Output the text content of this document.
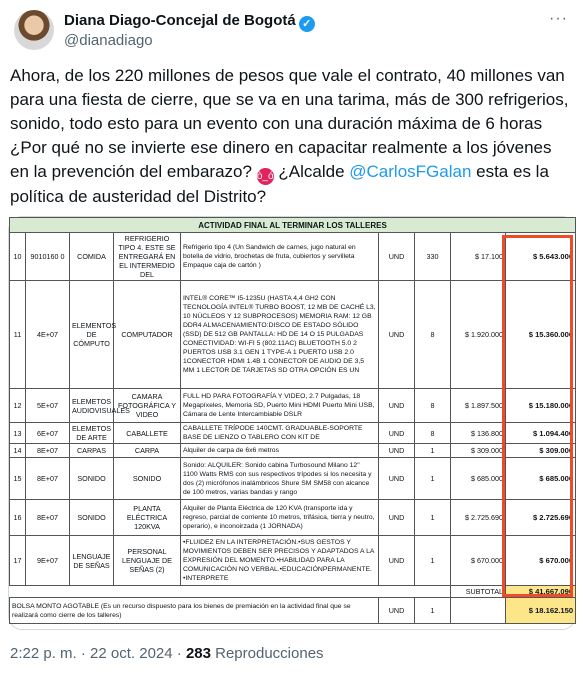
Diana Diago-Concejal de Bogotá ✓
@dianadiago
···
Ahora, de los 220 millones de pesos que vale el contrato, 40 millones van para una fiesta de cierre, que se va en una tarima, más de 300 refrigerios, sonido, todo esto para un evento con una duración máxima de 6 horas ¿Por qué no se invierte ese dinero en capacitar realmente a los jóvenes en la prevención del embarazo? ò_ó ¿Alcalde @CarlosFGalan esta es la política de austeridad del Distrito?
ACTIVIDAD FINAL AL TERMINAR LOS TALLERES								
10	9010160 0	COMIDA	REFRIGERIO TIPO 4. ESTE SE ENTREGARÁ EN EL INTERMEDIO DEL	Refrigerio tipo 4 (Un Sandwich de carnes, jugo natural en botella de vidrio, brochetas de fruta, cubiertos y servilleta Empaque caja de cartón )	UND	330	$ 17.100	$ 5.643.000
11	4E+07	ELEMENTOS DE CÓMPUTO	COMPUTADOR	INTEL® CORE™ I5-1235U (HASTA 4,4 GH2 CON TECNOLOGÍA INTEL® TURBO BOOST, 12 MB DE CACHÉ L3, 10 NÚCLEOS Y 12 SUBPROCESOS) MEMORIA RAM: 12 GB DDR4 ALMACENAMIENTO:DISCO DE ESTADO SÓLIDO (SSD) DE 512 GB PANTALLA: HD DE 14 O 15 PULGADAS CONECTIVIDAD: WI-FI 5 (802.11AC) BLUETOOTH 5.0 2 PUERTOS USB 3.1 GEN 1 TYPE-A 1 PUERTO USB 2.0 1CONECTOR HDMI 1.4B 1 CONECTOR DE AUDIO DE 3,5 MM 1 LECTOR DE TARJETAS SD OTRA OPCIÓN ES UN	UND	8	$ 1.920.000	$ 15.360.000
12	5E+07	ELEMETOS AUDIOVISUALES	CAMARA FOTOGRÁFICA Y VIDEO	FULL HD PARA FOTOGRAFÍA Y VIDEO, 2.7 Pulgadas, 18 Megapíxeles, Memoria SD, Puerto Mini HDMI Puerto Mini USB, Cámara de Lente Intercambiable DSLR	UND	8	$ 1.897.500	$ 15.180.000
13	6E+07	ELEMETOS DE ARTE	CABALLETE	CABALLETE TRÍPODE 140CMT. GRADUABLE-SOPORTE BASE DE LIENZO O TABLERO CON KIT DE	UND	8	$ 136.800	$ 1.094.400
14	8E+07	CARPAS	CARPA	Alquiler de carpa de 6x6 metros	UND	1	$ 309.000	$ 309.000
15	8E+07	SONIDO	SONIDO	Sonido: ALQUILER: Sonido cabina Turbosound Milano 12" 1100 Watts RMS con sus respectivos trípodes si los necesita y dos (2) micrófonos inalámbricos Shure SM SM58 con alcance de 100 metros, varias bandas y rango	UND	1	$ 685.000	$ 685.000
16	8E+07	SONIDO	PLANTA ELÉCTRICA 120KVA	Alquiler de Planta Eléctrica de 120 KVA (transporte ida y regreso, parcial de corriente 10 metros, trifásica, tierra y neutro, operario), e inconoirzada (1 JORNADA)	UND	1	$ 2.725.690	$ 2.725.690
17	9E+07	LENGUAJE DE SEÑAS	PERSONAL LENGUAJE DE SEÑAS (2)	•FLUIDEZ EN LA INTERPRETACIÓN.•SUS GESTOS Y MOVIMIENTOS DEBEN SER PRECISOS Y ADAPTADOS A LA EXPRESIÓN DEL MOMENTO.•HABILIDAD PARA LA COMUNICACIÓN NO VERBAL.•EDUCACIÓNPERMANENTE. •INTERPRETE	UND	1	$ 670.000	$ 670.000
							SUBTOTAL	$ 41.667.090
BOLSA MONTO AGOTABLE (Es un recurso dispuesto para los bienes de premiación en la actividad final que se realizará como cierre de los talleres)					UND	1		$ 18.162.150
2:22 p. m. · 22 oct. 2024 · 283 Reproducciones
